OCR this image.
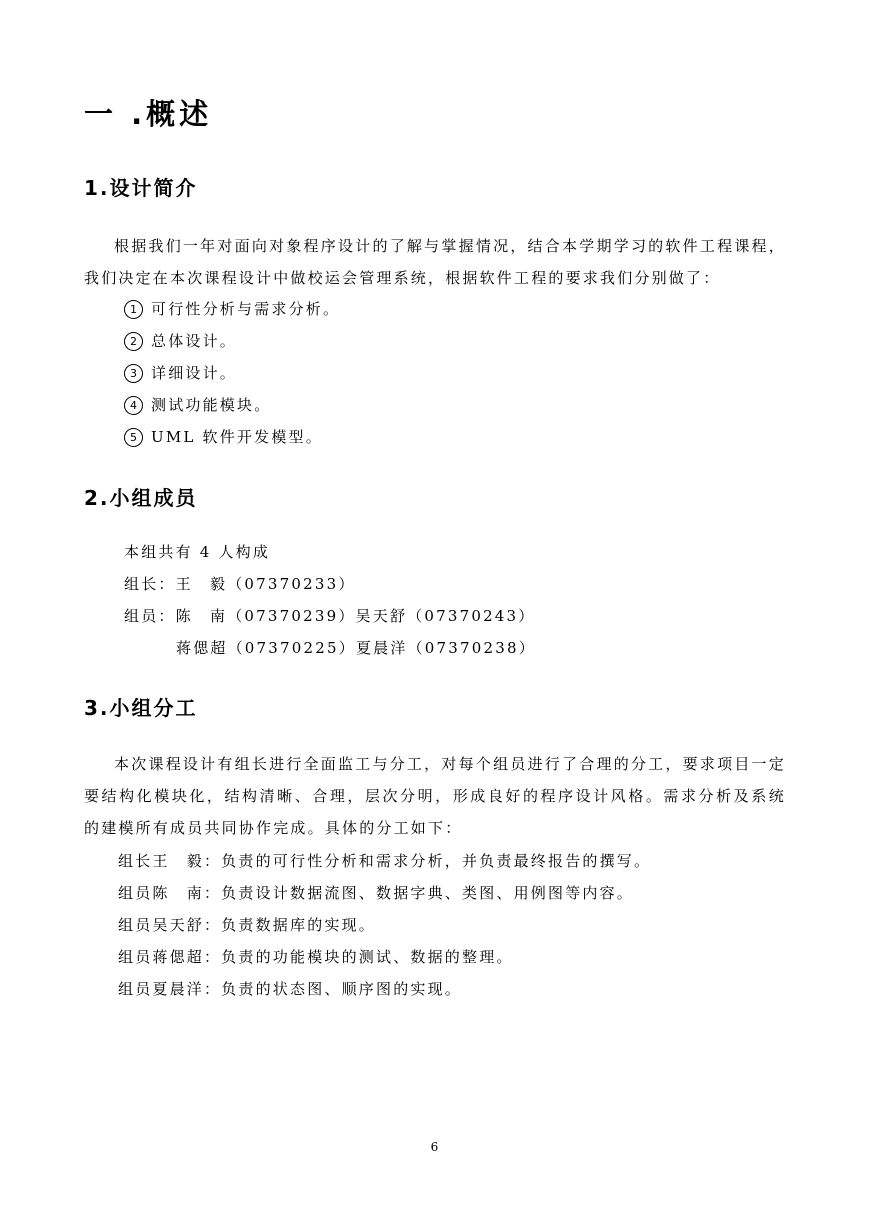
一 .概述
1.设计简介
根据我们一年对面向对象程序设计的了解与掌握情况，结合本学期学习的软件工程课程，我们决定在本次课程设计中做校运会管理系统，根据软件工程的要求我们分别做了：
1 可行性分析与需求分析。
2 总体设计。
3 详细设计。
4 测试功能模块。
5 UML 软件开发模型。
2.小组成员
本组共有 4 人构成
组长：王　毅（07370233）
组员：陈　南（07370239）吴天舒（07370243）
蒋偲超（07370225）夏晨洋（07370238）
3.小组分工
本次课程设计有组长进行全面监工与分工，对每个组员进行了合理的分工，要求项目一定要结构化模块化，结构清晰、合理，层次分明，形成良好的程序设计风格。需求分析及系统的建模所有成员共同协作完成。具体的分工如下：
组长王　毅：负责的可行性分析和需求分析，并负责最终报告的撰写。
组员陈　南：负责设计数据流图、数据字典、类图、用例图等内容。
组员吴天舒：负责数据库的实现。
组员蒋偲超：负责的功能模块的测试、数据的整理。
组员夏晨洋：负责的状态图、顺序图的实现。
6
